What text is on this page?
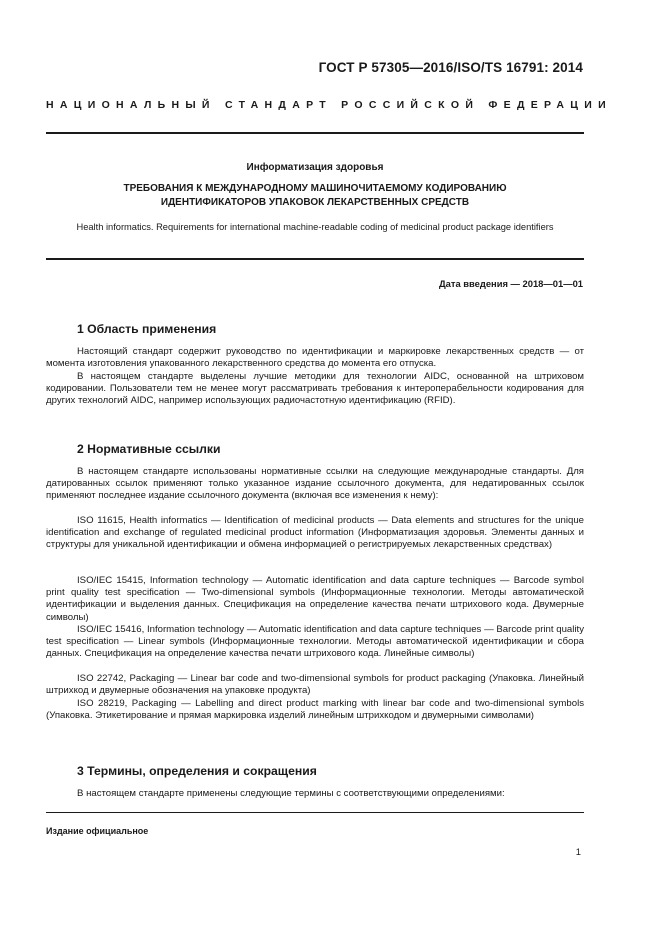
ГОСТ Р 57305—2016/ISO/TS 16791: 2014
НАЦИОНАЛЬНЫЙ СТАНДАРТ РОССИЙСКОЙ ФЕДЕРАЦИИ
Информатизация здоровья
ТРЕБОВАНИЯ К МЕЖДУНАРОДНОМУ МАШИНОЧИТАЕМОМУ КОДИРОВАНИЮ
ИДЕНТИФИКАТОРОВ УПАКОВОК ЛЕКАРСТВЕННЫХ СРЕДСТВ
Health informatics. Requirements for international machine-readable coding of medicinal product package identifiers
Дата введения — 2018—01—01
1 Область применения

Настоящий стандарт содержит руководство по идентификации и маркировке лекарственных средств — от момента изготовления упакованного лекарственного средства до момента его отпуска.

В настоящем стандарте выделены лучшие методики для технологии AIDC, основанной на штриховом кодировании. Пользователи тем не менее могут рассматривать требования к интероперабельности кодирования для других технологий AIDC, например использующих радиочастотную идентификацию (RFID).

2 Нормативные ссылки

В настоящем стандарте использованы нормативные ссылки на следующие международные стандарты. Для датированных ссылок применяют только указанное издание ссылочного документа, для недатированных ссылок применяют последнее издание ссылочного документа (включая все изменения к нему):

ISO 11615, Health informatics — Identification of medicinal products — Data elements and structures for the unique identification and exchange of regulated medicinal product information (Информатизация здоровья. Элементы данных и структуры для уникальной идентификации и обмена информацией о регистрируемых лекарственных средствах)

ISO/IEC 15415, Information technology — Automatic identification and data capture techniques — Barcode symbol print quality test specification — Two-dimensional symbols (Информационные технологии. Методы автоматической идентификации и выделения данных. Спецификация на определение качества печати штрихового кода. Двумерные символы)

ISO/IEC 15416, Information technology — Automatic identification and data capture techniques — Barcode print quality test specification — Linear symbols (Информационные технологии. Методы автоматической идентификации и сбора данных. Спецификация на определение качества печати штрихового кода. Линейные символы)

ISO 22742, Packaging — Linear bar code and two-dimensional symbols for product packaging (Упаковка. Линейный штрихкод и двумерные обозначения на упаковке продукта)

ISO 28219, Packaging — Labelling and direct product marking with linear bar code and two-dimensional symbols (Упаковка. Этикетирование и прямая маркировка изделий линейным штрихкодом и двумерными символами)

3 Термины, определения и сокращения

В настоящем стандарте применены следующие термины с соответствующими определениями:

Издание официальное
1
